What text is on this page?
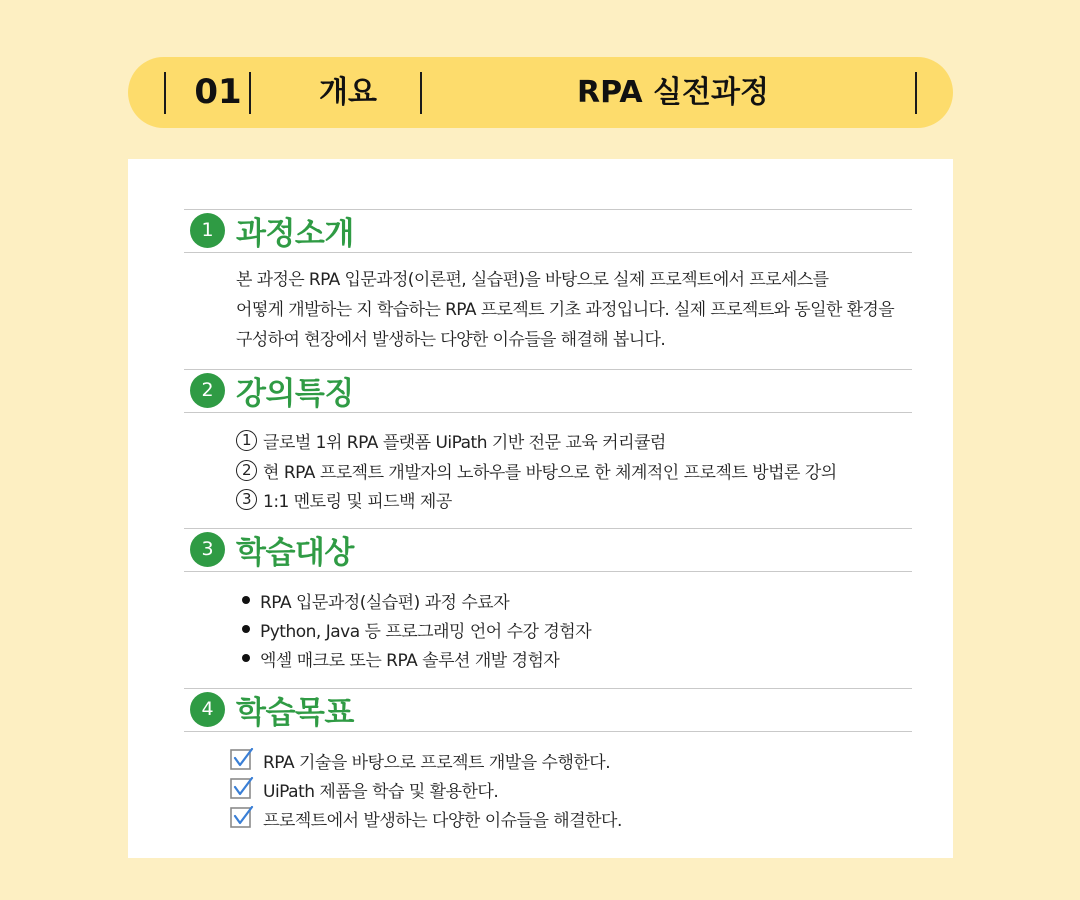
01	개요	RPA 실전과정
1 과정소개
본 과정은 RPA 입문과정(이론편, 실습편)을 바탕으로 실제 프로젝트에서 프로세스를
어떻게 개발하는 지 학습하는 RPA 프로젝트 기초 과정입니다. 실제 프로젝트와 동일한 환경을
구성하여 현장에서 발생하는 다양한 이슈들을 해결해 봅니다.
2 강의특징
1 글로벌 1위 RPA 플랫폼 UiPath 기반 전문 교육 커리큘럼
2 현 RPA 프로젝트 개발자의 노하우를 바탕으로 한 체계적인 프로젝트 방법론 강의
3 1:1 멘토링 및 피드백 제공
3 학습대상
RPA 입문과정(실습편) 과정 수료자
Python, Java 등 프로그래밍 언어 수강 경험자
엑셀 매크로 또는 RPA 솔루션 개발 경험자
4 학습목표
RPA 기술을 바탕으로 프로젝트 개발을 수행한다.
UiPath 제품을 학습 및 활용한다.
프로젝트에서 발생하는 다양한 이슈들을 해결한다.
